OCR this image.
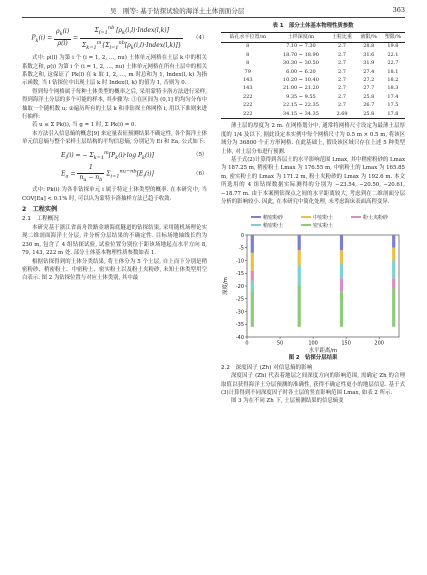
吴　刚等: 基于钻探试验的海洋土土体剖面分层	363
$P_k(i) = \frac{\rho_k(i)}{\rho(i)} = \frac{\Sigma_{l=1}^{nb} [\rho_k(i,l)\cdot Index(l,k)]}{\Sigma_{k=1}^m\{\Sigma_{l=1}^{nb}[\rho_k(i,l)\cdot Index(l,k)]\}} (4)$

式中: ρi(l) 为第 i 个 (i = 1, 2, …, nu) 土体单元网格在土层 k 中的相关系数之和, ρ(i) 为第 i 个 (i = 1, 2, …, nu) 土体单元网格在所有土层中的相关系数之和, 这保证了 Pk(l) 在 k 取 1, 2, …, m 时总和为 1, Index(l, k) 为指示函数, 当 l 钻探位中出现土层 k 时 Index(l, k) 的值为 1, 否则为 0.

得到每个网格属于每种土体类型的概率之后, 采用蒙特卡洛方法进行采样, 得到海洋土分层的多个可能的样本, 其步骤为: ①在区间为 (0,1] 的均匀分布中抽取一个随机数 u; ②遍历所有的土层 k 和非钻探土体网格 i, 用以下准则来进行抽样:

若 u ≤ Σ Pk(i), 当 g = 1 时, Σ Pk(i) = 0.

本方法引入信息熵的概念[9] 来定量表征预测结果不确定性, 各个海洋土体单元信息熵与整个采样土层结构的平均信息熵, 分别记为 Ei 和 Ea, 公式如下:

$E_i(i)$ = − $\Sigma_{k=1}^m[P_k(i)\cdot\log$ $P_k(i)$]	（5）
$E_a = \frac{1}{n_u - n_b} \Sigma_{i=1}^{nu-nb}[E_i(i)]$	（6）

式中: Pk(i) 为各非钻探单元 i 属于特定土体类型的概率. 在本研究中, 当 COV[Ea] < 0.1% 时, 可以认为蒙特卡洛抽样方法已趋于收敛.

2　工程实例
2.1　工程概况

本研究基于浙江省南舟铁路金塘海底隧道的钻探结果, 采用随机场理论实现二维剖面海洋土分层, 并分析分层结果的不确定性. 目标场地轴线长约为 230 m, 包含了 4 组钻探试验, 试验位置分别位于距该场地起点水平方向 8, 79, 143, 222 m 处. 部分土体基本物理性质参数如表 1.

根据钻探得到的土体分类结果, 将土体分为 5 个土层, 自上而下分别是稍密粉砂、稍密粉土、中密粉土、密实粉土以及粉土夹粉砂, 未知土体类型用空白表示. 图 2 为钻探位置与对应土体类别, 其中最

表 1　部分土体基本物理性质参数
钻孔水平位置/m	土样深度/m	土粒比重	液限/%	塑限/%
8	7.10 ~ 7.30	2.7	28.8	19.8
8	18.70 ~ 18.90	2.7	31.6	22.1
8	30.30 ~ 30.50	2.7	31.9	22.7
79	6.00 ~ 6.20	2.7	27.4	18.1
143	10.20 ~ 10.40	2.7	27.2	18.2
143	21.00 ~ 21.20	2.7	27.7	18.3
222	9.35 ~ 9.55	2.7	25.8	17.4
222	22.15 ~ 22.35	2.7	26.7	17.5
222	34.15 ~ 34.35	2.69	25.8	17.8

薄土层的厚度为 2 m. 在网格划分中, 通常将网格尺寸设定为最薄土层厚度的 1/4 及以下, 据此设定本实例中每个网格尺寸为 0.5 m × 0.5 m, 将该区域分为 36800 个正方形网格. 在此基础上, 假设该区域只存在上述 5 种类型土体, 对土层分布进行预测.

基于式(2)计算得到各层土的水平影响范围 Lmax, 其中稍密粉砂的 Lmax 为 187.25 m, 稍密粉土 Lmax 为 176.55 m, 中密粉土的 Lmax 为 165.85 m, 密实粉土的 Lmax 为 171.2 m, 粉土夹粉砂的 Lmax 为 192.6 m. 本文所选用的 4 组钻探数据实际测得的分别为 −23.54, −20.50, −20.61, −18.77 m. 由于本案例钻探点之间的水平距离较大, 考虑到在二维剖面分层分析的影响较小. 因此, 在本研究中简化处理, 未考虑海床表面高程变异.

稍密粉砂	中密粉土	粉土夹粉砂
稍密粉土	密实粉土
0
-5
-10
-15
-20
-25
-30
-35
-40
0	50	100	150	200
水平距离/m
深度/m
图 2　钻探分层结果
2.2　深度因子 (Zh) 对信息熵的影响

深度因子 (Zh) 代表着地层之间深度方向的影响范围, 需确定 Zh 的合理取值以获得海洋土分层预测的准确性, 获得不确定性更小的地层信息. 基于式(3)计算得到不同深度因子时各土层的竖直影响范围 Lmax, 如表 2 所示.

图 3 为在不同 Zh 下, 土层预测结果的信息熵变
